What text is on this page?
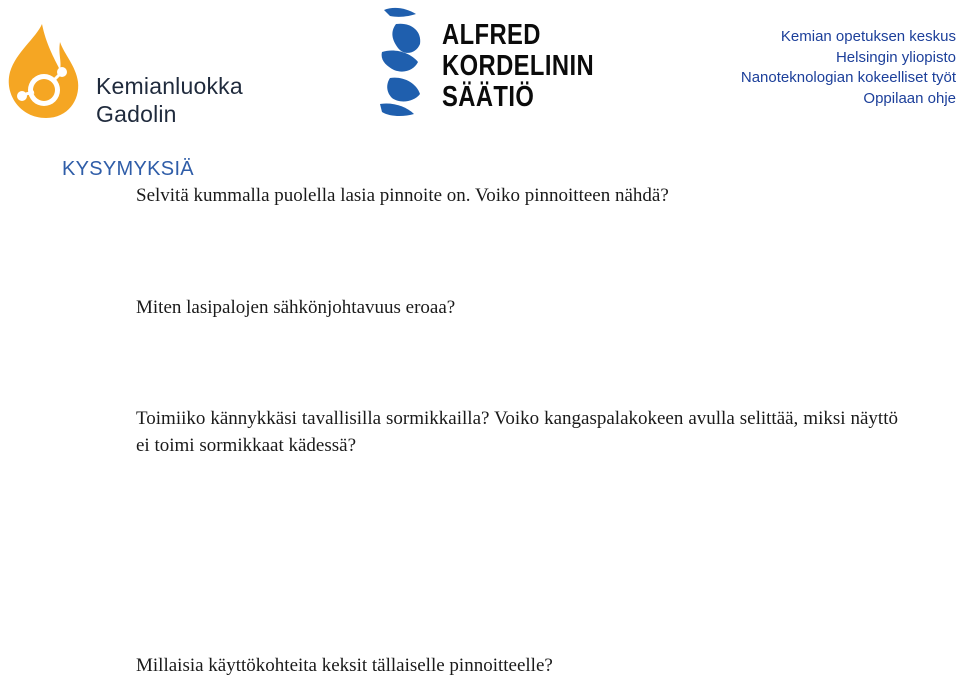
Kemianluokka
Gadolin
ALFRED
KORDELININ
SÄÄTIÖ
Kemian opetuksen keskus
Helsingin yliopisto
Nanoteknologian kokeelliset työt
Oppilaan ohje
KYSYMYKSIÄ
Selvitä kummalla puolella lasia pinnoite on. Voiko pinnoitteen nähdä?
Miten lasipalojen sähkönjohtavuus eroaa?
Toimiiko kännykkäsi tavallisilla sormikkailla? Voiko kangaspalakokeen avulla selittää, miksi näyttö ei toimi sormikkaat kädessä?
Millaisia käyttökohteita keksit tällaiselle pinnoitteelle?
